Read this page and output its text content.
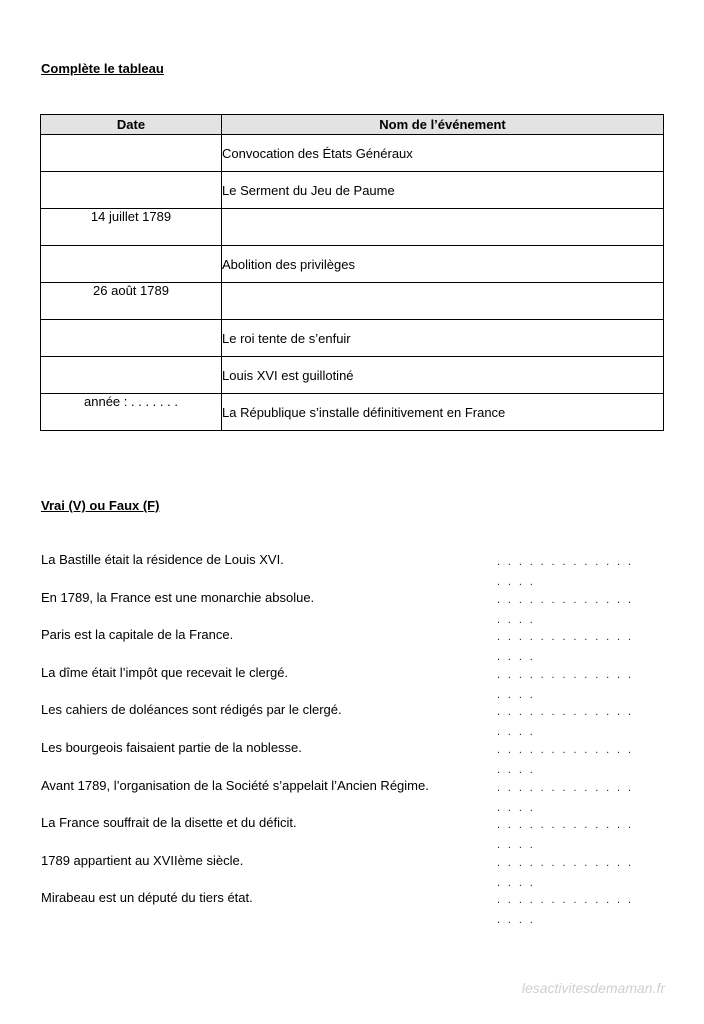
Complète le tableau
Date	Nom de l’événement
	Convocation des États Généraux
	Le Serment du Jeu de Paume
14 juillet 1789	
	Abolition des privilèges
26 août 1789	
	Le roi tente de s’enfuir
	Louis XVI est guillotiné
année : . . . . . . .	La République s’installe définitivement en France
Vrai (V) ou Faux (F)
La Bastille était la résidence de Louis XVI.	. . . . . . . . . . . . . . . . .
En 1789, la France est une monarchie absolue.	. . . . . . . . . . . . . . . . .
Paris est la capitale de la France.	. . . . . . . . . . . . . . . . .
La dîme était l’impôt que recevait le clergé.	. . . . . . . . . . . . . . . . .
Les cahiers de doléances sont rédigés par le clergé.	. . . . . . . . . . . . . . . . .
Les bourgeois faisaient partie de la noblesse.	. . . . . . . . . . . . . . . . .
Avant 1789, l’organisation de la Société s’appelait l’Ancien Régime.	. . . . . . . . . . . . . . . . .
La France souffrait de la disette et du déficit.	. . . . . . . . . . . . . . . . .
1789 appartient au XVIIème siècle.	. . . . . . . . . . . . . . . . .
Mirabeau est un député du tiers état.	. . . . . . . . . . . . . . . . .
lesactivitesdemaman.fr
